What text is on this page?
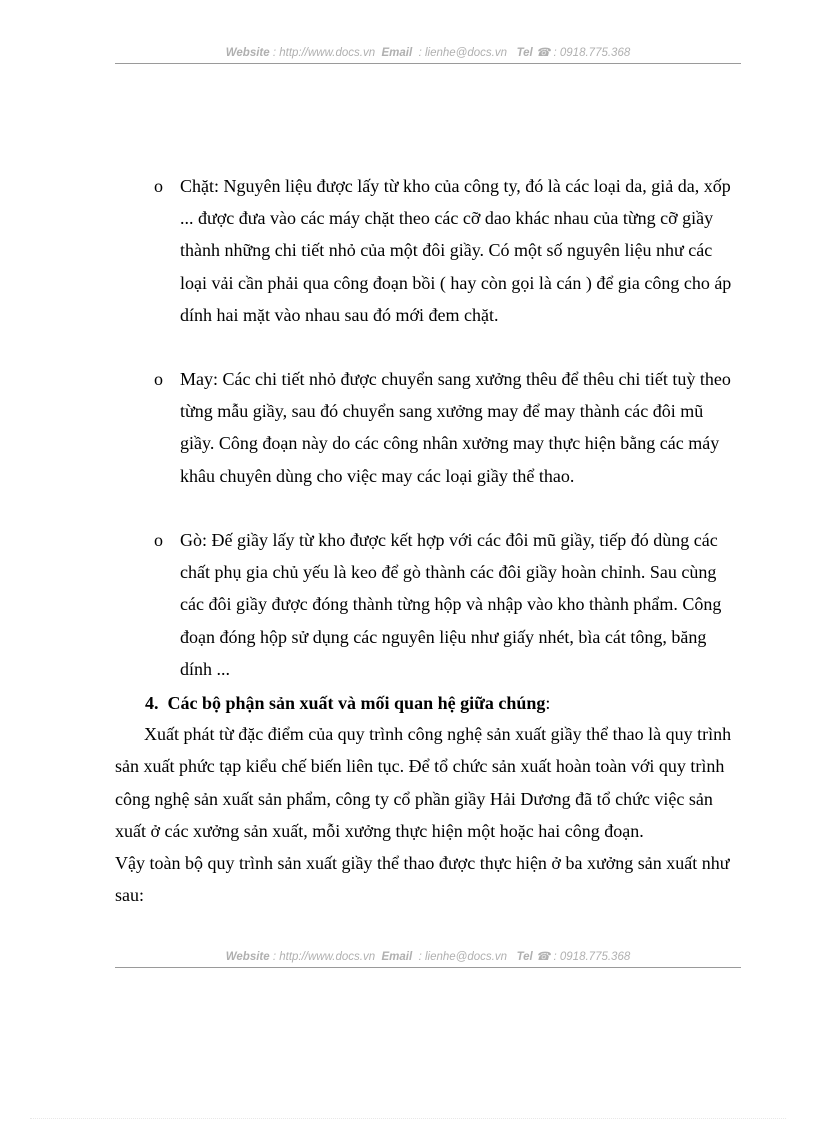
Website : http://www.docs.vn Email  : lienhe@docs.vn Tel ☎ : 0918.775.368
o Chặt: Nguyên liệu được lấy từ kho của công ty, đó là các loại da, giả da, xốp ... được đưa vào các máy chặt theo các cỡ dao khác nhau của từng cỡ giầy thành những chi tiết nhỏ của một đôi giầy. Có một số nguyên liệu như các loại vải cần phải qua công đoạn bồi ( hay còn gọi là cán ) để gia công cho áp dính hai mặt vào nhau sau đó mới đem chặt.
o May: Các chi tiết nhỏ được chuyển sang xưởng thêu để thêu chi tiết tuỳ theo từng mẫu giầy, sau đó chuyển sang xưởng may để may thành các đôi mũ giầy. Công đoạn này do các công nhân xưởng may thực hiện bằng các máy khâu chuyên dùng cho việc may các loại giầy thể thao.
o Gò: Đế giầy lấy từ kho được kết hợp với các đôi mũ giầy, tiếp đó dùng các chất phụ gia chủ yếu là keo để gò thành các đôi giầy hoàn chỉnh. Sau cùng các đôi giầy được đóng thành từng hộp và nhập vào kho thành phẩm. Công đoạn đóng hộp sử dụng các nguyên liệu như giấy nhét, bìa cát tông, băng dính ...
4. Các bộ phận sản xuất và mối quan hệ giữa chúng:
Xuất phát từ đặc điểm của quy trình công nghệ sản xuất giầy thể thao là quy trình sản xuất phức tạp kiểu chế biến liên tục. Để tổ chức sản xuất hoàn toàn với quy trình công nghệ sản xuất sản phẩm, công ty cổ phần giầy Hải Dương đã tổ chức việc sản xuất ở các xưởng sản xuất, mỗi xưởng thực hiện một hoặc hai công đoạn.
Vậy toàn bộ quy trình sản xuất giầy thể thao được thực hiện ở ba xưởng sản xuất như sau:
Website : http://www.docs.vn Email  : lienhe@docs.vn Tel ☎ : 0918.775.368
